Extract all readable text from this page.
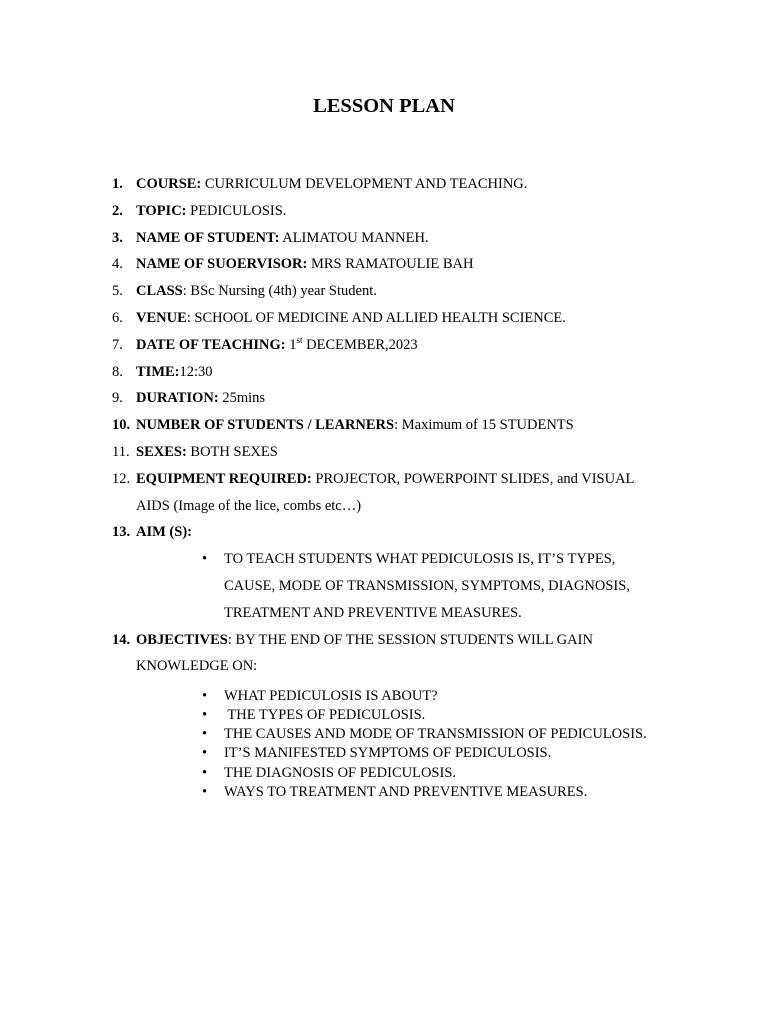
LESSON PLAN
1. COURSE: CURRICULUM DEVELOPMENT AND TEACHING.
2. TOPIC: PEDICULOSIS.
3. NAME OF STUDENT: ALIMATOU MANNEH.
4. NAME OF SUOERVISOR: MRS RAMATOULIE BAH
5. CLASS: BSc Nursing (4th) year Student.
6. VENUE: SCHOOL OF MEDICINE AND ALLIED HEALTH SCIENCE.
7. DATE OF TEACHING: 1st DECEMBER,2023
8. TIME:12:30
9. DURATION: 25mins
10. NUMBER OF STUDENTS / LEARNERS: Maximum of 15 STUDENTS
11. SEXES: BOTH SEXES
12. EQUIPMENT REQUIRED: PROJECTOR, POWERPOINT SLIDES, and VISUAL AIDS (Image of the lice, combs etc…)
13. AIM (S):
• TO TEACH STUDENTS WHAT PEDICULOSIS IS, IT’S TYPES, CAUSE, MODE OF TRANSMISSION, SYMPTOMS, DIAGNOSIS, TREATMENT AND PREVENTIVE MEASURES.
14. OBJECTIVES: BY THE END OF THE SESSION STUDENTS WILL GAIN KNOWLEDGE ON:
• WHAT PEDICULOSIS IS ABOUT?
•  THE TYPES OF PEDICULOSIS.
• THE CAUSES AND MODE OF TRANSMISSION OF PEDICULOSIS.
• IT’S MANIFESTED SYMPTOMS OF PEDICULOSIS.
• THE DIAGNOSIS OF PEDICULOSIS.
• WAYS TO TREATMENT AND PREVENTIVE MEASURES.
